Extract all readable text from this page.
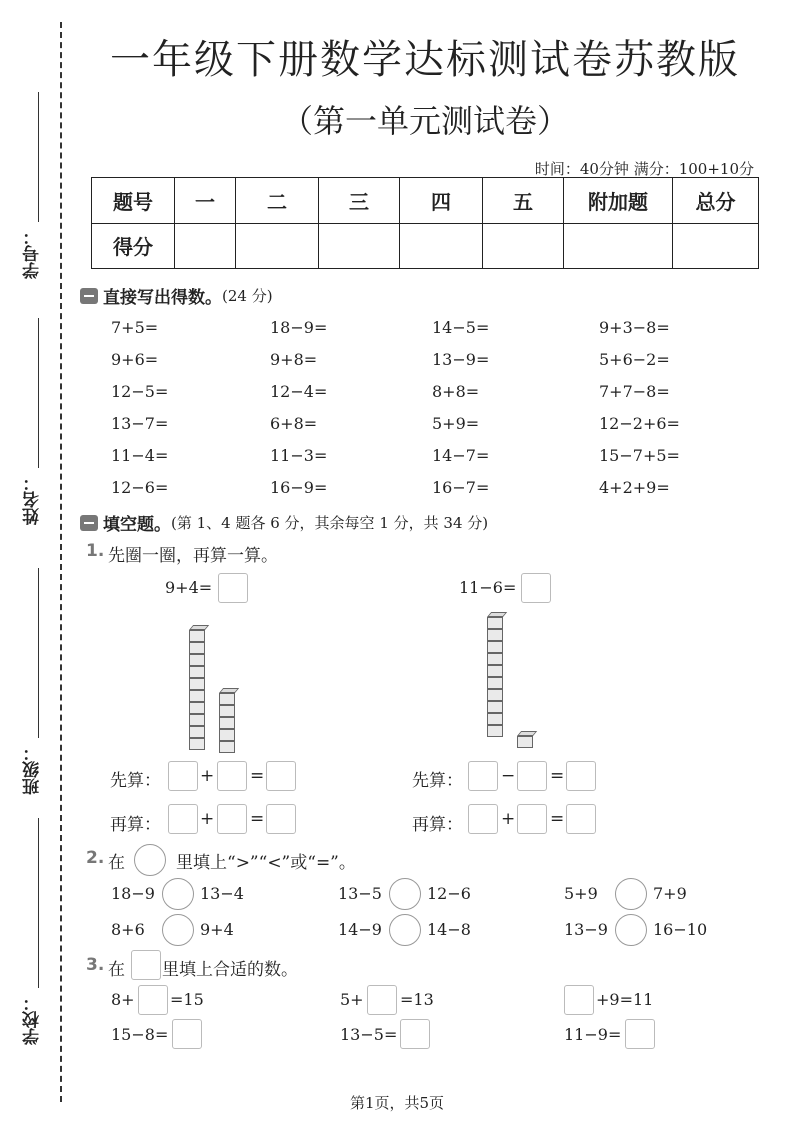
学号：
姓名：
班级：
学校：
一年级下册数学达标测试卷苏教版
（第一单元测试卷）
时间：40分钟 满分：100+10分
题号	一	二	三	四	五	附加题	总分
得分							
直接写出得数。 (24 分)
7+5=	18−9=	14−5=	9+3−8=
9+6=	9+8=	13−9=	5+6−2=
12−5=	12−4=	8+8=	7+7−8=
13−7=	6+8=	5+9=	12−2+6=
11−4=	11−3=	14−7=	15−7+5=
12−6=	16−9=	16−7=	4+2+9=
填空题。 (第 1、4 题各 6 分，其余每空 1 分，共 34 分)
1. 先圈一圈，再算一算。
9+4=	11−6=
先算： + =	先算： − =
再算： + =	再算： + =
2. 在	里填上“>”“<”或“=”。
18−9	13−4	13−5	12−6	5+9	7+9
8+6	9+4	14−9	14−8	13−9	16−10
3. 在 里填上合适的数。
8+ =15	5+ =13	+9=11
15−8=	13−5=	11−9=
第1页，共5页
